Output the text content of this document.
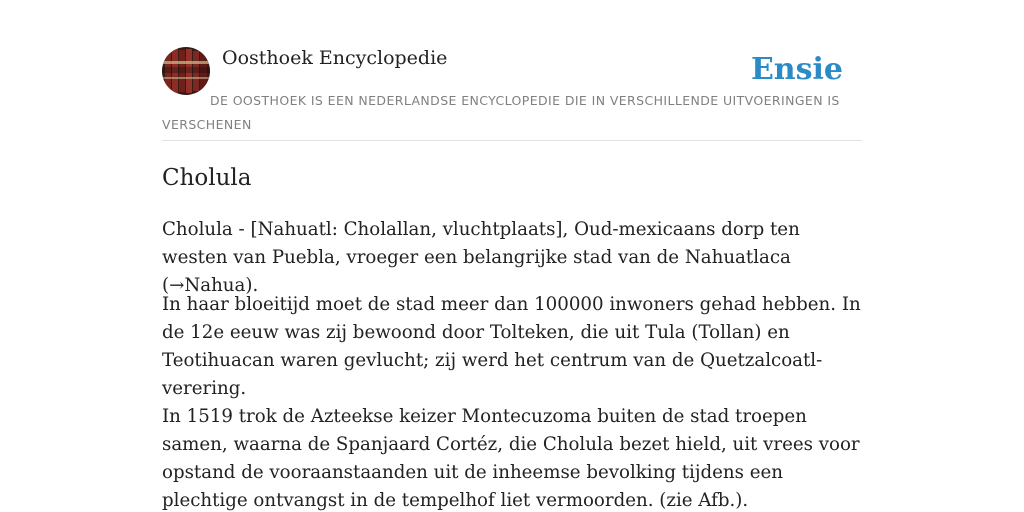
Oosthoek Encyclopedie	Ensie
DE OOSTHOEK IS EEN NEDERLANDSE ENCYCLOPEDIE DIE IN VERSCHILLENDE UITVOERINGEN IS VERSCHENEN
Cholula

Cholula - [Nahuatl: Cholallan, vluchtplaats], Oud-mexicaans dorp ten westen van Puebla, vroeger een belangrijke stad van de Nahuatlaca (→Nahua).

In haar bloeitijd moet de stad meer dan 100000 inwoners gehad hebben. In de 12e eeuw was zij bewoond door Tolteken, die uit Tula (Tollan) en Teotihuacan waren gevlucht; zij werd het centrum van de Quetzalcoatl-verering.

In 1519 trok de Azteekse keizer Montecuzoma buiten de stad troepen samen, waarna de Spanjaard Cortéz, die Cholula bezet hield, uit vrees voor opstand de vooraanstaanden uit de inheemse bevolking tijdens een plechtige ontvangst in de tempelhof liet vermoorden. (zie Afb.).
